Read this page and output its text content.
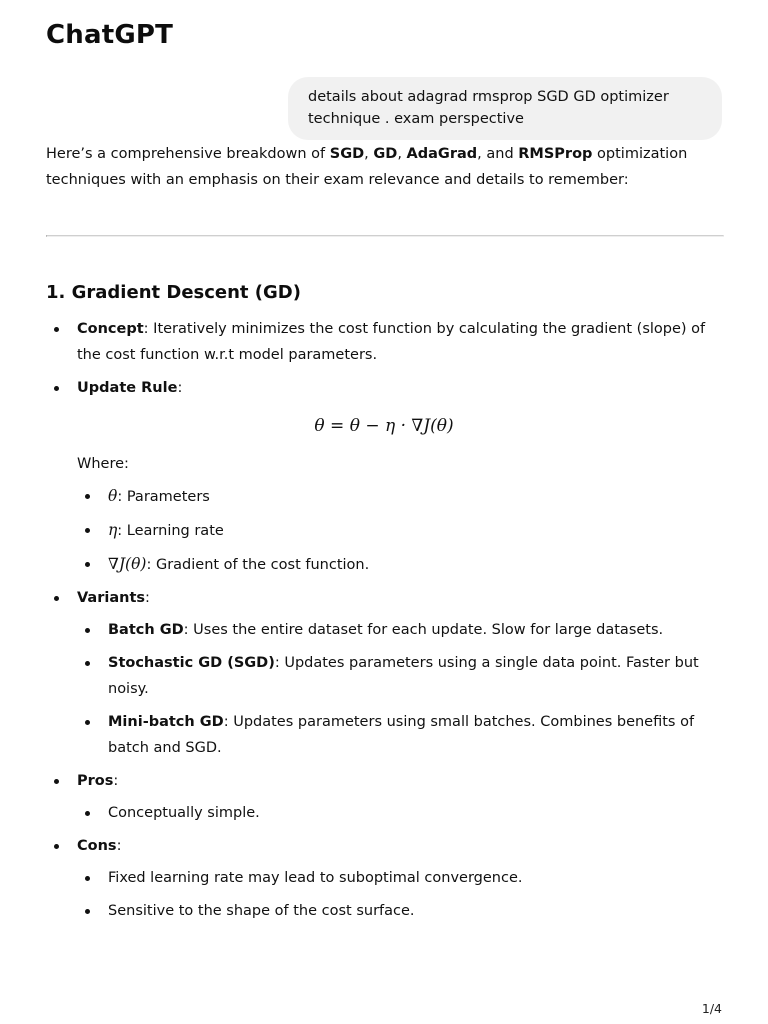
ChatGPT
details about adagrad rmsprop SGD GD optimizer technique . exam perspective

Here’s a comprehensive breakdown of SGD, GD, AdaGrad, and RMSProp optimization techniques with an emphasis on their exam relevance and details to remember:

1. Gradient Descent (GD)
Concept: Iteratively minimizes the cost function by calculating the gradient (slope) of the cost function w.r.t model parameters.
Update Rule:
θ = θ − η · ∇J(θ)
Where:
θ: Parameters
η: Learning rate
∇J(θ): Gradient of the cost function.
Variants:
Batch GD: Uses the entire dataset for each update. Slow for large datasets.
Stochastic GD (SGD): Updates parameters using a single data point. Faster but noisy.
Mini-batch GD: Updates parameters using small batches. Combines benefits of batch and SGD.
Pros:
Conceptually simple.
Cons:
Fixed learning rate may lead to suboptimal convergence.
Sensitive to the shape of the cost surface.
1/4
